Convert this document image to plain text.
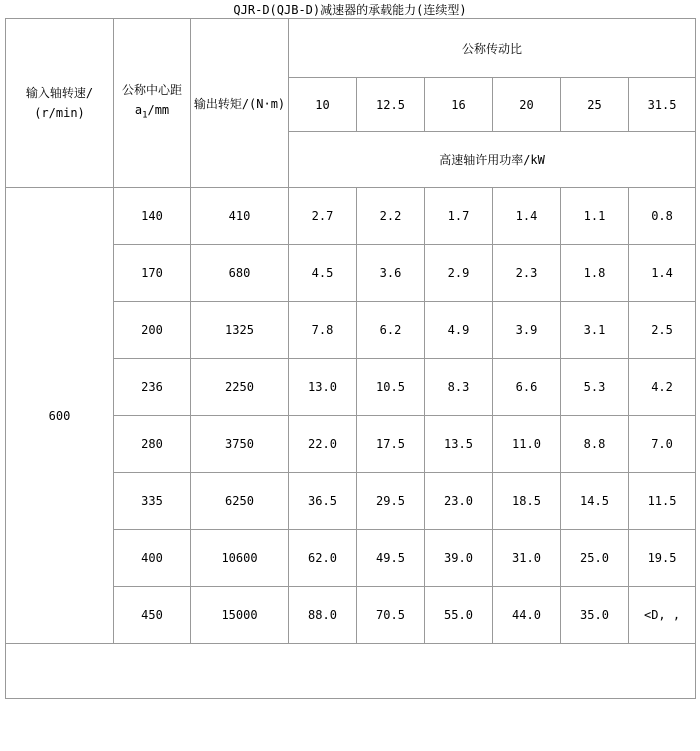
QJR-D(QJB-D)减速器的承载能力(连续型)
输入轴转速/
(r/min)	公称中心距
$a_1/mm$	输出转矩/(N·m)	公称传动比					
			10	12.5	16	20	25	31.5
			高速轴许用功率/kW					
600	140	410	2.7	2.2	1.7	1.4	1.1	0.8
	170	680	4.5	3.6	2.9	2.3	1.8	1.4
	200	1325	7.8	6.2	4.9	3.9	3.1	2.5
	236	2250	13.0	10.5	8.3	6.6	5.3	4.2
	280	3750	22.0	17.5	13.5	11.0	8.8	7.0
	335	6250	36.5	29.5	23.0	18.5	14.5	11.5
	400	10600	62.0	49.5	39.0	31.0	25.0	19.5
	450	15000	88.0	70.5	55.0	44.0	35.0	<D, ,
